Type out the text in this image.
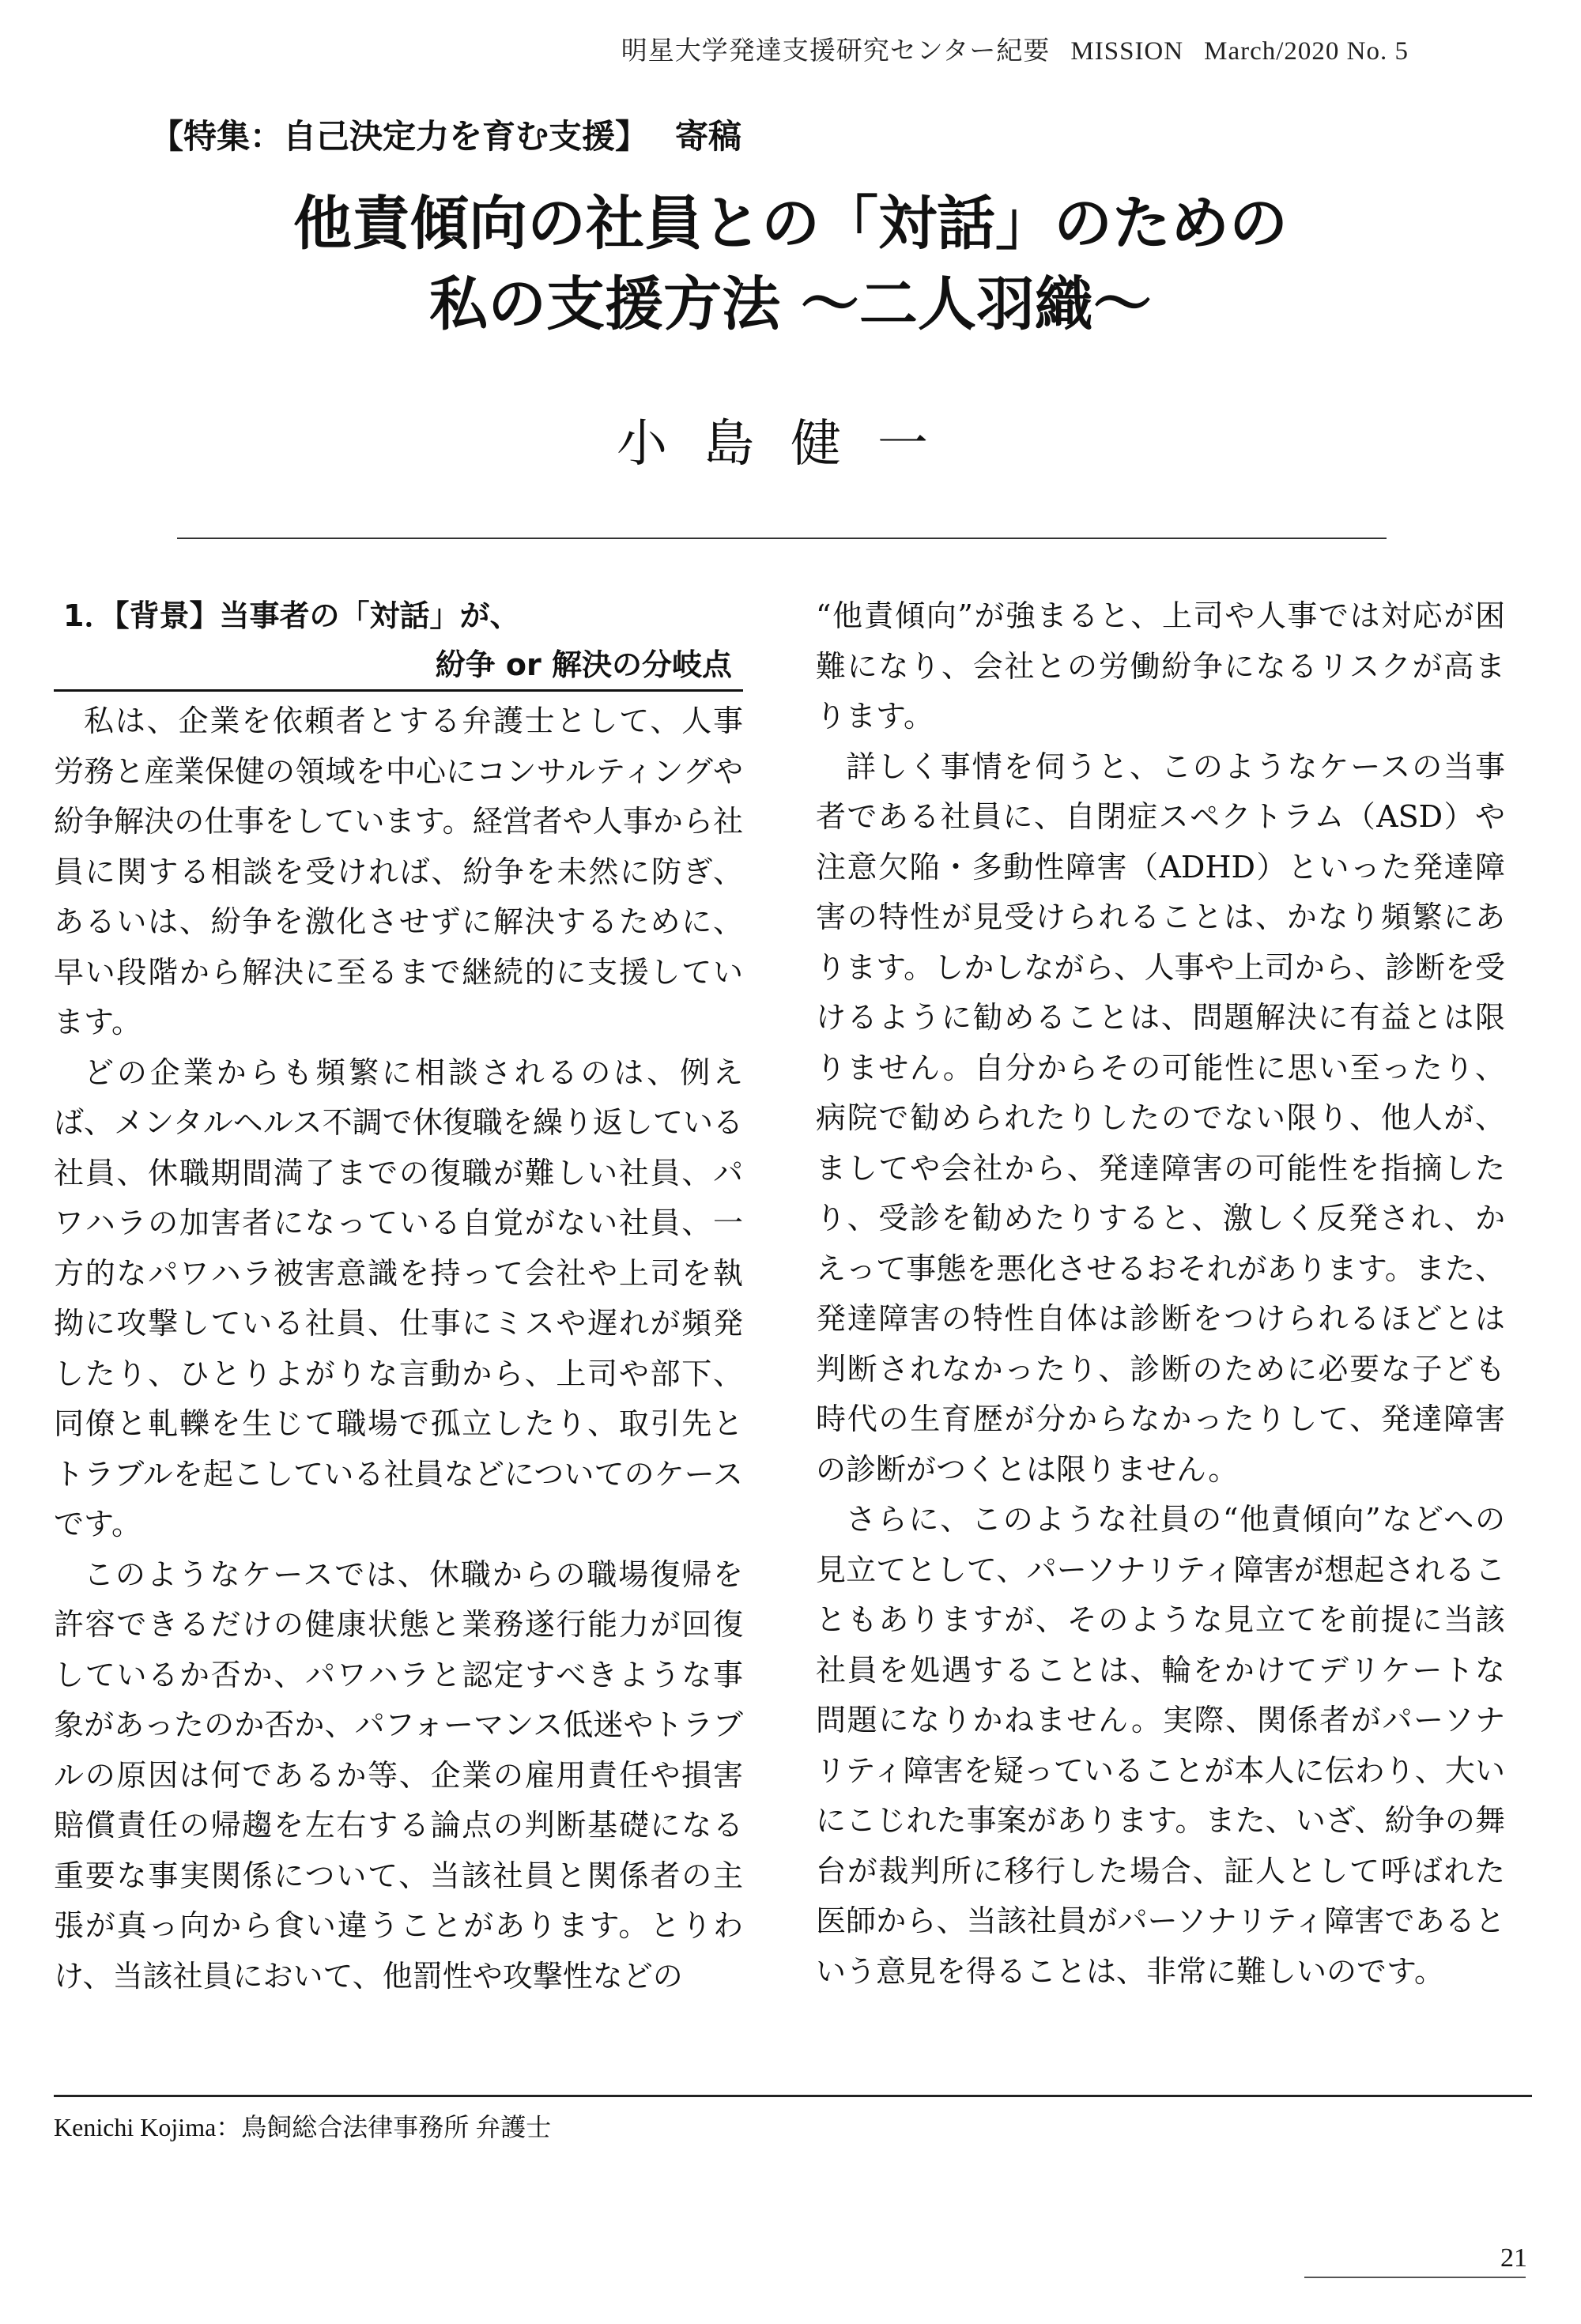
明星大学発達支援研究センター紀要 MISSION March/2020 No. 5
【特集：自己決定力を育む支援】 寄稿
他責傾向の社員との「対話」のための
私の支援方法 ～二人羽織～
小島健一
1．【背景】当事者の「対話」が、
紛争 or 解決の分岐点

私は、企業を依頼者とする弁護士として、人事労務と産業保健の領域を中心にコンサルティングや紛争解決の仕事をしています。経営者や人事から社員に関する相談を受ければ、紛争を未然に防ぎ、あるいは、紛争を激化させずに解決するために、早い段階から解決に至るまで継続的に支援しています。

どの企業からも頻繁に相談されるのは、例えば、メンタルヘルス不調で休復職を繰り返している社員、休職期間満了までの復職が難しい社員、パワハラの加害者になっている自覚がない社員、一方的なパワハラ被害意識を持って会社や上司を執拗に攻撃している社員、仕事にミスや遅れが頻発したり、ひとりよがりな言動から、上司や部下、同僚と軋轢を生じて職場で孤立したり、取引先とトラブルを起こしている社員などについてのケースです。

このようなケースでは、休職からの職場復帰を許容できるだけの健康状態と業務遂行能力が回復しているか否か、パワハラと認定すべきような事象があったのか否か、パフォーマンス低迷やトラブルの原因は何であるか等、企業の雇用責任や損害賠償責任の帰趨を左右する論点の判断基礎になる重要な事実関係について、当該社員と関係者の主張が真っ向から食い違うことがあります。とりわけ、当該社員において、他罰性や攻撃性などの

“他責傾向”が強まると、上司や人事では対応が困難になり、会社との労働紛争になるリスクが高まります。

詳しく事情を伺うと、このようなケースの当事者である社員に、自閉症スペクトラム（ASD）や注意欠陥・多動性障害（ADHD）といった発達障害の特性が見受けられることは、かなり頻繁にあります。しかしながら、人事や上司から、診断を受けるように勧めることは、問題解決に有益とは限りません。自分からその可能性に思い至ったり、病院で勧められたりしたのでない限り、他人が、ましてや会社から、発達障害の可能性を指摘したり、受診を勧めたりすると、激しく反発され、かえって事態を悪化させるおそれがあります。また、発達障害の特性自体は診断をつけられるほどとは判断されなかったり、診断のために必要な子ども時代の生育歴が分からなかったりして、発達障害の診断がつくとは限りません。

さらに、このような社員の“他責傾向”などへの見立てとして、パーソナリティ障害が想起されることもありますが、そのような見立てを前提に当該社員を処遇することは、輪をかけてデリケートな問題になりかねません。実際、関係者がパーソナリティ障害を疑っていることが本人に伝わり、大いにこじれた事案があります。また、いざ、紛争の舞台が裁判所に移行した場合、証人として呼ばれた医師から、当該社員がパーソナリティ障害であるという意見を得ることは、非常に難しいのです。

Kenichi Kojima：鳥飼総合法律事務所 弁護士
21
